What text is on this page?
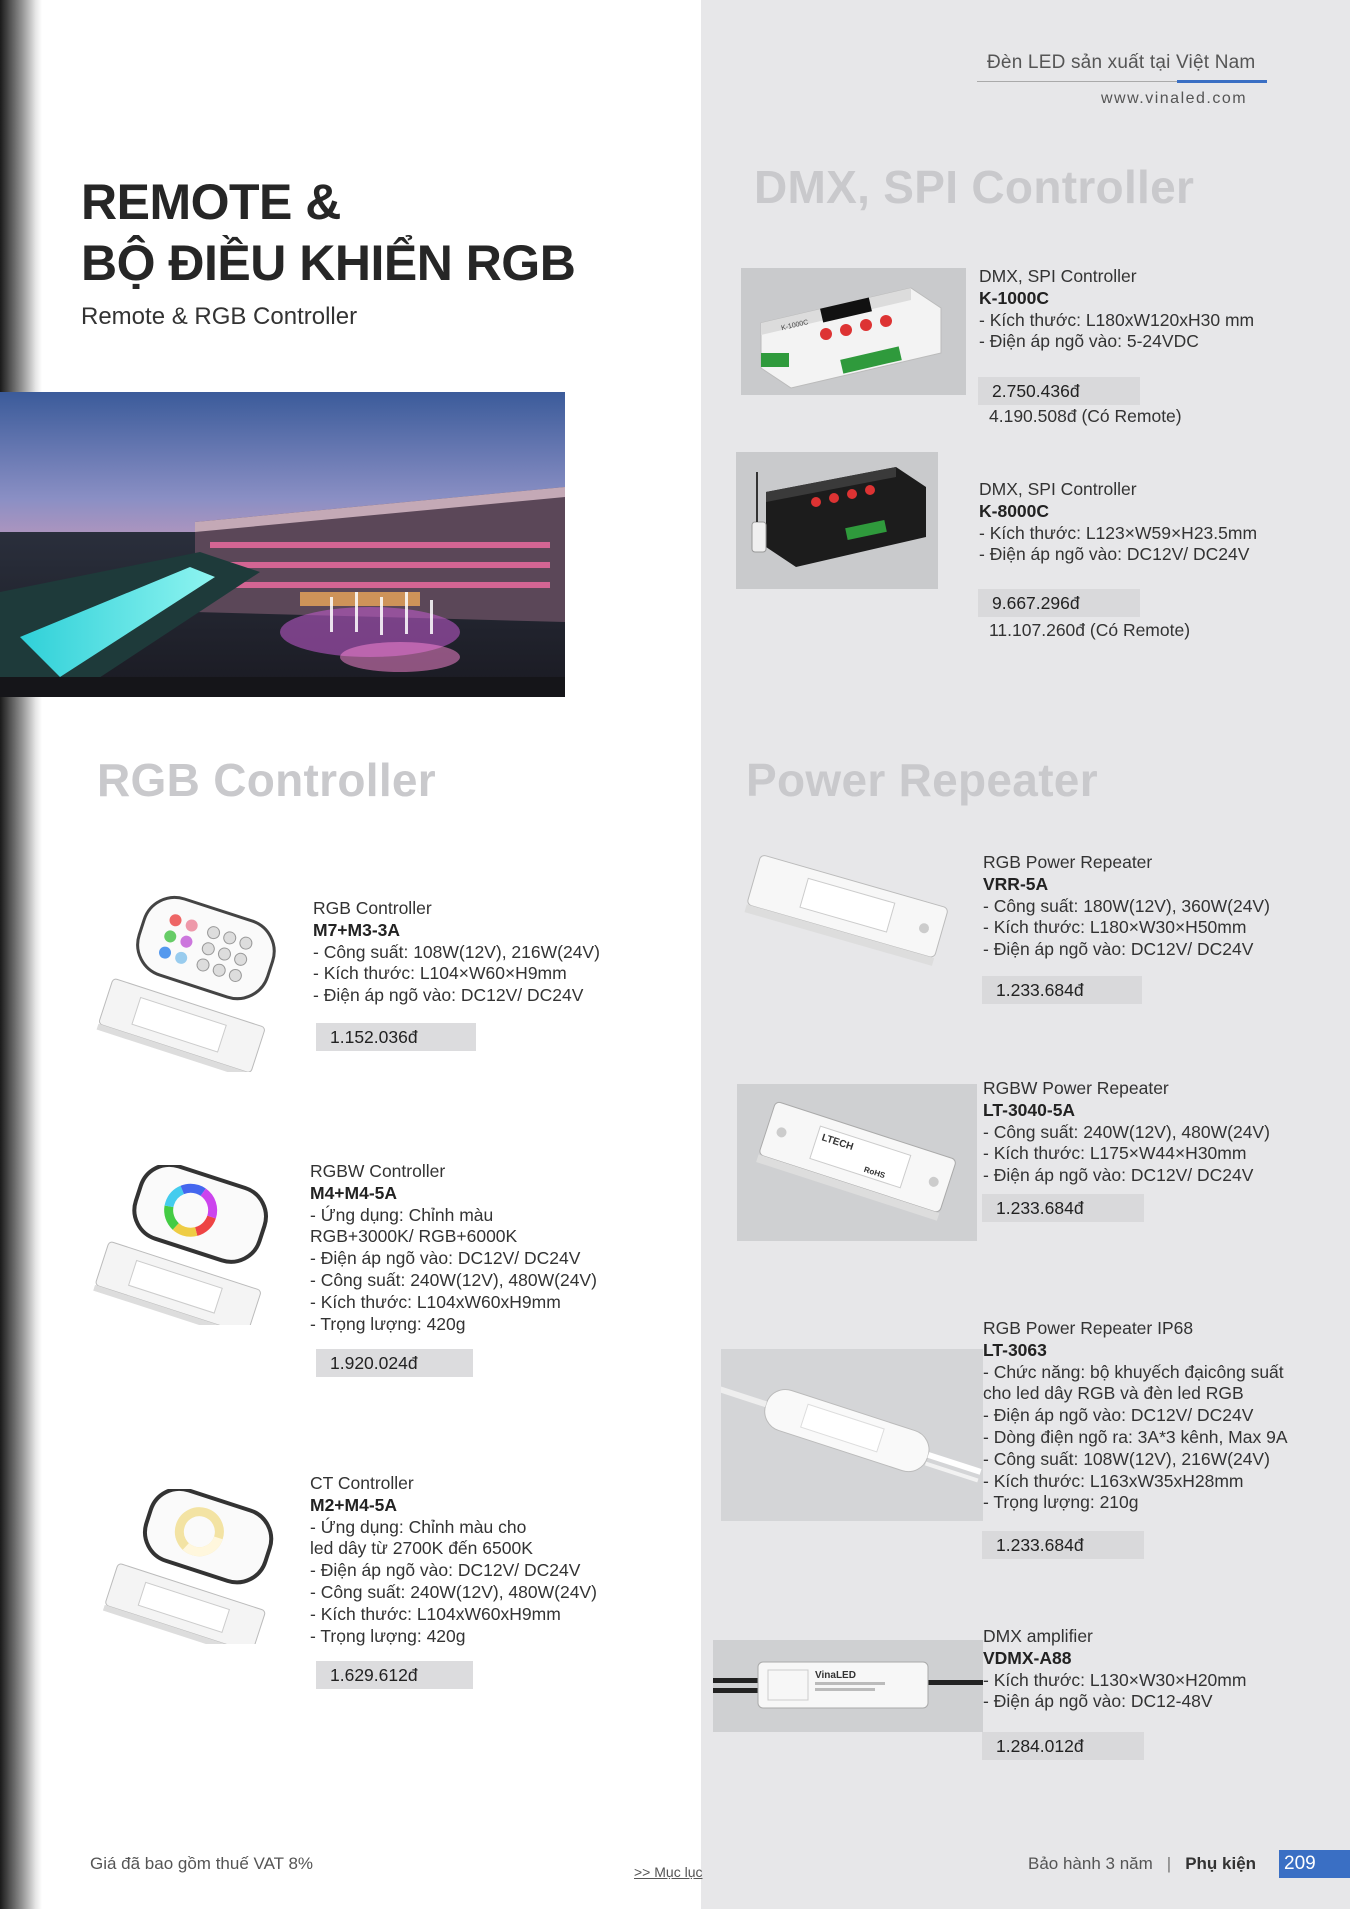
Đèn LED sản xuất tại Việt Nam
www.vinaled.com
REMOTE &
BỘ ĐIỀU KHIỂN RGB
Remote & RGB Controller
DMX, SPI Controller
RGB Controller	Power Repeater
K-1000C
DMX, SPI Controller
K-1000C
- Kích thước: L180xW120xH30 mm
- Điện áp ngõ vào: 5-24VDC
2.750.436đ
4.190.508đ (Có Remote)
DMX, SPI Controller
K-8000C
- Kích thước: L123×W59×H23.5mm
- Điện áp ngõ vào: DC12V/ DC24V
9.667.296đ
11.107.260đ (Có Remote)
RGB Controller
M7+M3-3A
- Công suất: 108W(12V), 216W(24V)
- Kích thước: L104×W60×H9mm
- Điện áp ngõ vào: DC12V/ DC24V
1.152.036đ
RGBW Controller
M4+M4-5A
- Ứng dụng: Chỉnh màu
RGB+3000K/ RGB+6000K
- Điện áp ngõ vào: DC12V/ DC24V
- Công suất: 240W(12V), 480W(24V)
- Kích thước: L104xW60xH9mm
- Trọng lượng: 420g
1.920.024đ
CT Controller
M2+M4-5A
- Ứng dụng: Chỉnh màu cho
led dây từ 2700K đến 6500K
- Điện áp ngõ vào: DC12V/ DC24V
- Công suất: 240W(12V), 480W(24V)
- Kích thước: L104xW60xH9mm
- Trọng lượng: 420g
1.629.612đ
RGB Power Repeater
VRR-5A
- Công suất: 180W(12V), 360W(24V)
- Kích thước: L180×W30×H50mm
- Điện áp ngõ vào: DC12V/ DC24V
1.233.684đ
LTECH
RoHS
RGBW Power Repeater
LT-3040-5A
- Công suất: 240W(12V), 480W(24V)
- Kích thước: L175×W44×H30mm
- Điện áp ngõ vào: DC12V/ DC24V
1.233.684đ
RGB Power Repeater IP68
LT-3063
- Chức năng: bộ khuyếch đạicông suất
cho led dây RGB và đèn led RGB
- Điện áp ngõ vào: DC12V/ DC24V
- Dòng điện ngõ ra: 3A*3 kênh, Max 9A
- Công suất: 108W(12V), 216W(24V)
- Kích thước: L163xW35xH28mm
- Trọng lượng: 210g
1.233.684đ
VinaLED
DMX amplifier
VDMX-A88
- Kích thước: L130×W30×H20mm
- Điện áp ngõ vào: DC12-48V
1.284.012đ
Giá đã bao gồm thuế VAT 8%	>> Mục lục	Bảo hành 3 năm | Phụ kiện 209
